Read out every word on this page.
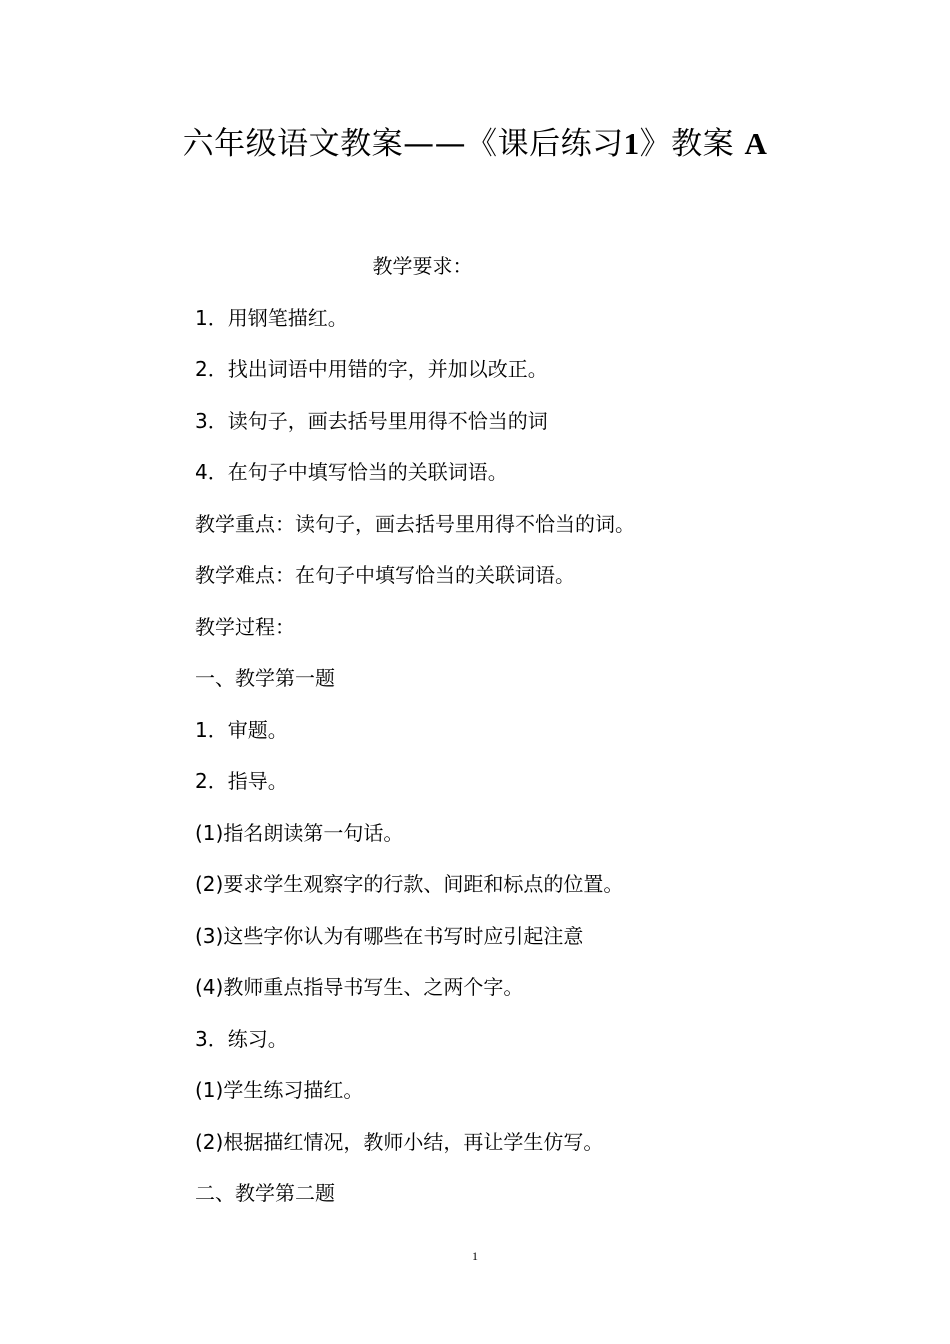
六年级语文教案——《课后练习1》教案 A
教学要求：
1．用钢笔描红。
2．找出词语中用错的字，并加以改正。
3．读句子，画去括号里用得不恰当的词
4．在句子中填写恰当的关联词语。
教学重点：读句子，画去括号里用得不恰当的词。
教学难点：在句子中填写恰当的关联词语。
教学过程：
一、教学第一题
1．审题。
2．指导。
(1)指名朗读第一句话。
(2)要求学生观察字的行款、间距和标点的位置。
(3)这些字你认为有哪些在书写时应引起注意
(4)教师重点指导书写生、之两个字。
3．练习。
(1)学生练习描红。
(2)根据描红情况，教师小结，再让学生仿写。
二、教学第二题
1
